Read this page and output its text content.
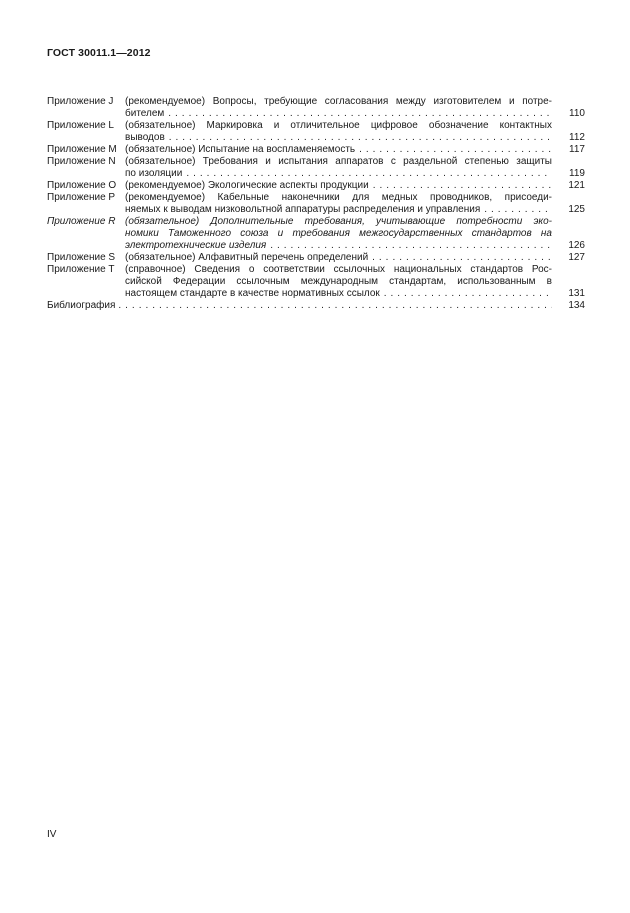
ГОСТ 30011.1—2012
Приложение J	(рекомендуемое) Вопросы, требующие согласования между изготовителем и потре-
бителем . . .	110
Приложение L	(обязательное) Маркировка и отличительное цифровое обозначение контактных
выводов . . .	112
Приложение M (обязательное) Испытание на воспламеняемость . . .	117
Приложение N (обязательное) Требования и испытания аппаратов с раздельной степенью защиты
по изоляции . . .	119
Приложение O (рекомендуемое) Экологические аспекты продукции . . .	121
Приложение P (рекомендуемое) Кабельные наконечники для медных проводников, присоеди-
няемых к выводам низковольтной аппаратуры распределения и управления . . .	125
Приложение R (обязательное) Дополнительные требования, учитывающие потребности эко-
номики Таможенного союза и требования межгосударственных стандартов на
электротехнические изделия . . .	126
Приложение S (обязательное) Алфавитный перечень определений . . .	127
Приложение T	(справочное) Сведения о соответствии ссылочных национальных стандартов Рос-
сийской Федерации ссылочным международным стандартам, использованным в
настоящем стандарте в качестве нормативных ссылок . . .	131
Библиография . . .	134
IV
